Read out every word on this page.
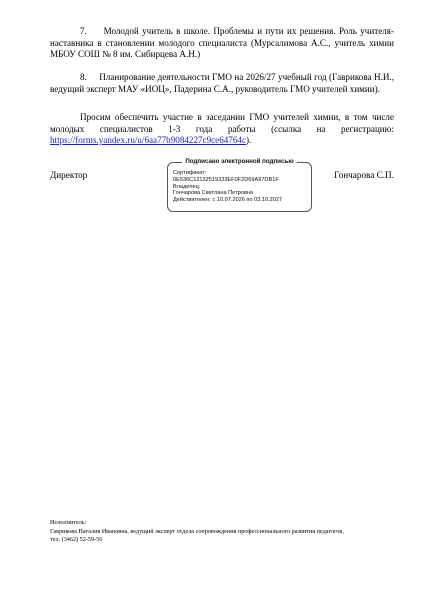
7. Молодой учитель в школе. Проблемы и пути их решения. Роль учителя-наставника в становлении молодого специалиста (Мурсалимова А.С., учитель химии МБОУ СОШ № 8 им. Сибирцева А.Н.)
8. Планирование деятельности ГМО на 2026/27 учебный год (Гаврикова Н.И., ведущий эксперт МАУ «ИОЦ», Падерина С.А., руководитель ГМО учителей химии).
Просим обеспечить участие в заседании ГМО учителей химии, в том числе молодых специалистов 1-3 года работы (ссылка на регистрацию: https://forms.yandex.ru/u/6aa77b9084227c9ce64764c).
Директор	Гончарова С.П.
Подписано электронной подписью
Сертификат:
0E536C12132519333EF0F2D69A97DB1F
Владелец:
Гончарова Светлана Петровна
Действителен: с 10.07.2026 по 03.10.2027
Исполнитель:
Гаврикова Наталия Ивановна, ведущий эксперт отдела сопровождения профессионального развития педагогов,
тел. (3462) 52-59-56
